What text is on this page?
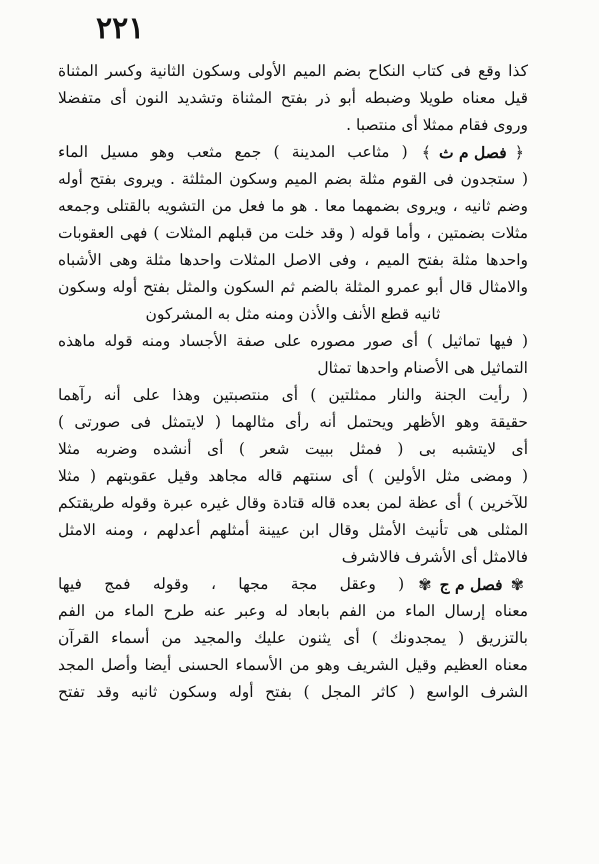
۲۲۱
كذا وقع فى كتاب النكاح بضم الميم الأولى وسكون الثانية وكسر المثناة
قيل معناه طويلا وضبطه أبو ذر بفتح المثناة وتشديد النون أى متفضلا
وروى فقام ممثلا أى منتصبا .
﴿
فصل م ث
﴾
( مثاعب المدينة ) جمع مثعب وهو مسيل الماء
( ستجدون فى القوم مثلة بضم الميم وسكون المثلثة . ويروى بفتح أوله
وضم ثانيه ، ويروى بضمهما معا . هو ما فعل من التشويه بالقتلى وجمعه
مثلات بضمتين ، وأما قوله ( وقد خلت من قبلهم المثلات ) فهى العقوبات
واحدها مثلة بفتح الميم ، وفى الاصل المثلات واحدها مثلة وهى الأشباه
والامثال قال أبو عمرو المثلة بالضم ثم السكون والمثل بفتح أوله وسكون
ثانيه قطع الأنف والأذن ومنه مثل به المشركون
( فيها تماثيل ) أى صور مصوره على صفة الأجساد ومنه قوله ماهذه
التماثيل هى الأصنام واحدها تمثال
( رأيت الجنة والنار ممثلتين ) أى منتصبتين وهذا على أنه رآهما
حقيقة وهو الأظهر ويحتمل أنه رأى مثالهما ( لايتمثل فى صورتى )
أى لايتشبه بى ( فمثل ببيت شعر ) أى أنشده وضربه مثلا
( ومضى مثل الأولين ) أى سنتهم قاله مجاهد وقيل عقوبتهم ( مثلا
للآخرين ) أى عظة لمن بعده قاله قتادة وقال غيره عبرة وقوله طريقتكم
المثلى هى تأنيث الأمثل وقال ابن عيينة أمثلهم أعدلهم ، ومنه الامثل
فالامثل أى الأشرف فالاشرف
✾
فصل م ج
✾
( وعقل مجة مجها ، وقوله فمج فيها
معناه إرسال الماء من الفم بابعاد له وعبر عنه طرح الماء من الفم
بالتزريق ( يمجدونك ) أى يثنون عليك والمجيد من أسماء القرآن
معناه العظيم وقيل الشريف وهو من الأسماء الحسنى أيضا وأصل المجد
الشرف الواسع ( كاثر المجل ) بفتح أوله وسكون ثانيه وقد تفتح
